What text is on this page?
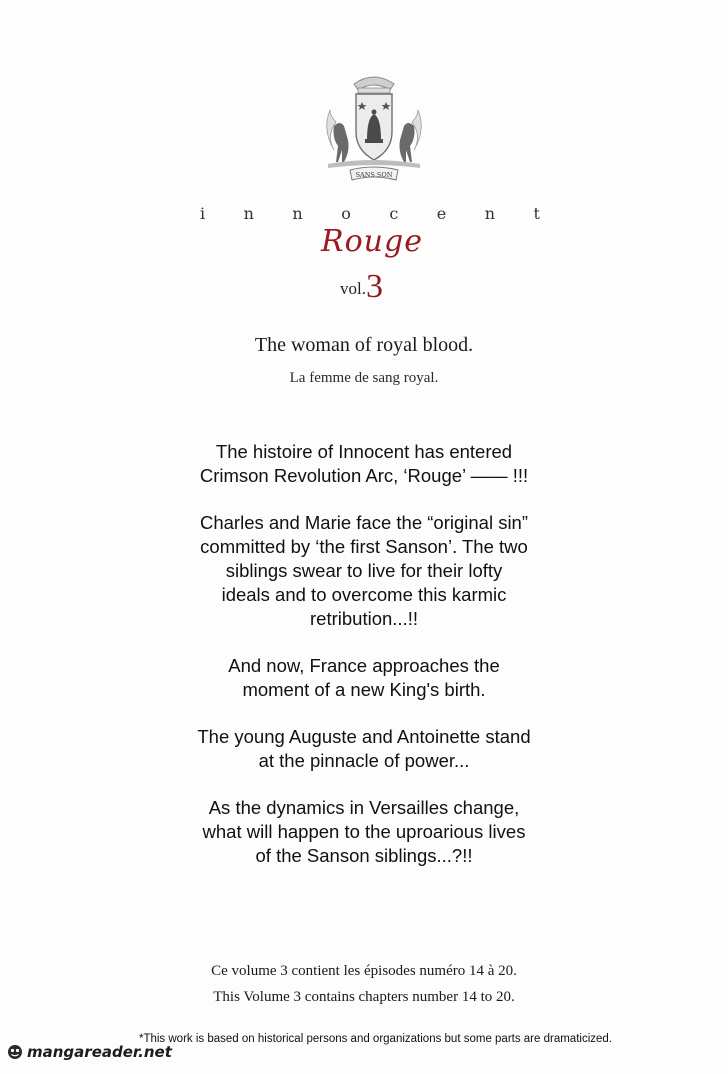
SANS SON
i n n o c e n t
Rouge
vol.3
The woman of royal blood.
La femme de sang royal.

The histoire of Innocent has entered
Crimson Revolution Arc, ‘Rouge’ —— !!!

Charles and Marie face the “original sin”
committed by ‘the first Sanson’. The two
siblings swear to live for their lofty
ideals and to overcome this karmic
retribution...!!

And now, France approaches the
moment of a new King's birth.

The young Auguste and Antoinette stand
at the pinnacle of power...

As the dynamics in Versailles change,
what will happen to the uproarious lives
of the Sanson siblings...?!!

Ce volume 3 contient les épisodes numéro 14 à 20.
This Volume 3 contains chapters number 14 to 20.
*This work is based on historical persons and organizations but some parts are dramaticized.
mangareader.net
